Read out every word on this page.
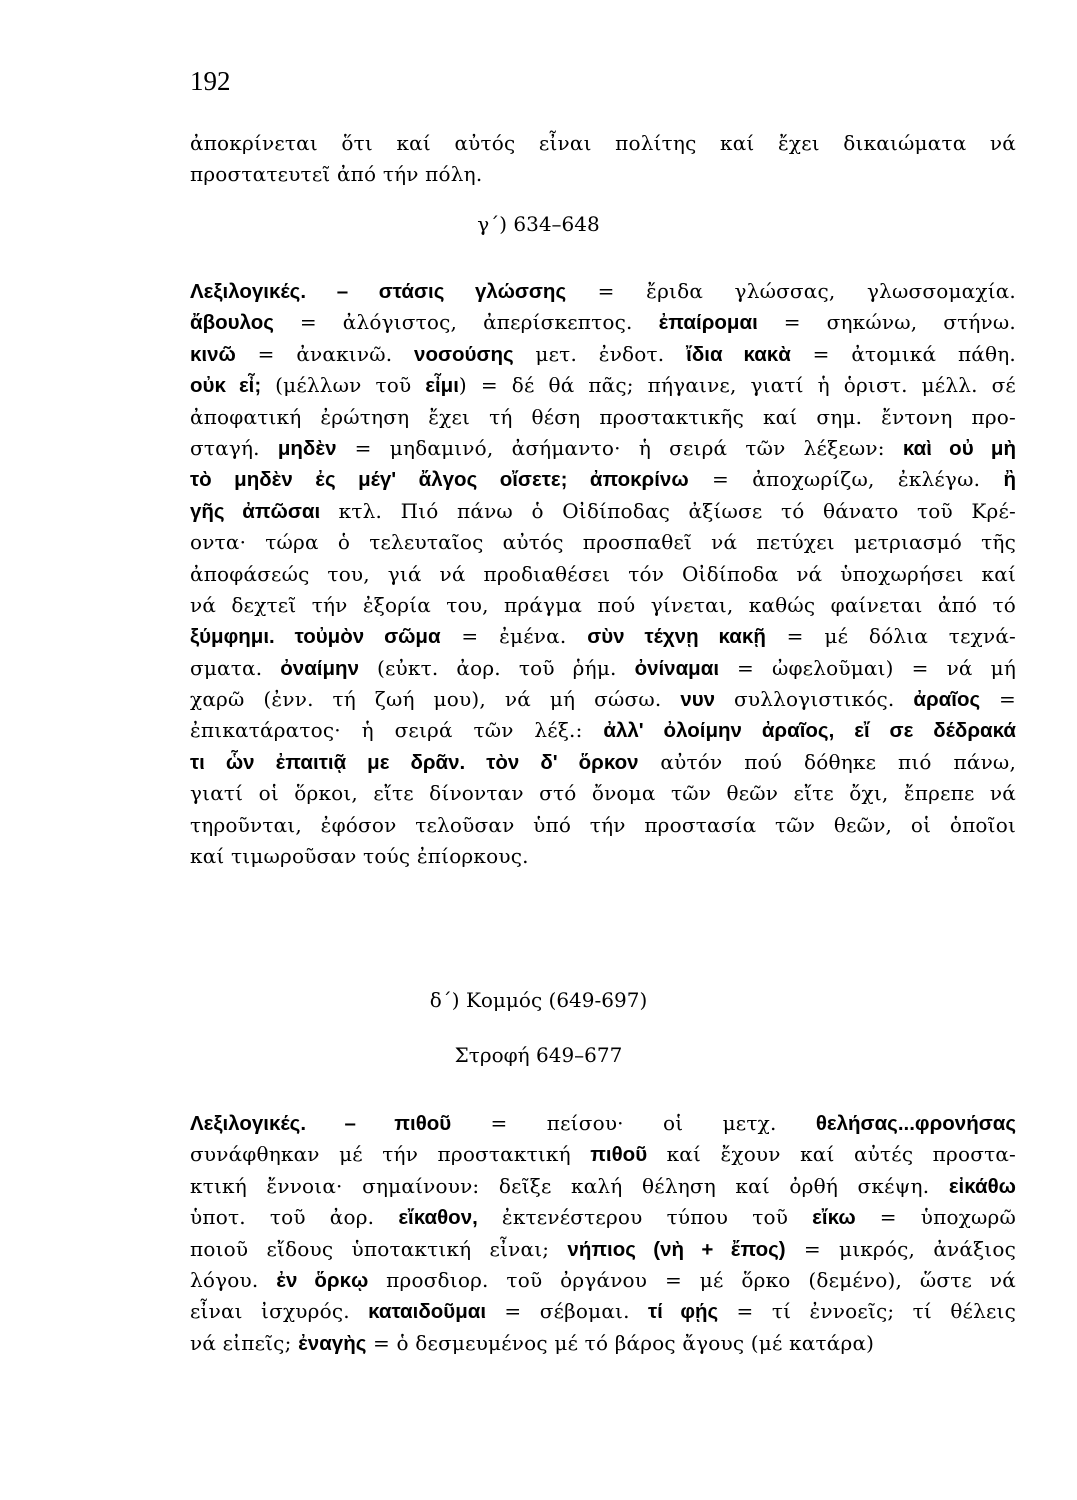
192
ἀποκρίνεται ὅτι καί αὐτός εἶναι πολίτης καί ἔχει δικαιώματα νά
προστατευτεῖ ἀπό τήν πόλη.
γ΄) 634–648
Λεξιλογικές. – στάσις γλώσσης = ἔριδα γλώσσας, γλωσσομαχία.
ἄβουλος = ἀλόγιστος, ἀπερίσκεπτος. ἐπαίρομαι = σηκώνω, στήνω.
κινῶ = ἀνακινῶ. νοσούσης μετ. ἐνδοτ. ἴδια κακὰ = ἀτομικά πάθη.
οὐκ εἶ; (μέλλων τοῦ εἶμι) = δέ θά πᾶς; πήγαινε, γιατί ἡ ὁριστ. μέλλ. σέ
ἀποφατική ἐρώτηση ἔχει τή θέση προστακτικῆς καί σημ. ἔντονη προ-
σταγή. μηδὲν = μηδαμινό, ἀσήμαντο· ἡ σειρά τῶν λέξεων: καὶ οὐ μὴ
τὸ μηδὲν ἐς μέγ' ἄλγος οἴσετε; ἀποκρίνω = ἀποχωρίζω, ἐκλέγω. ἢ
γῆς ἀπῶσαι κτλ. Πιό πάνω ὁ Οἰδίποδας ἀξίωσε τό θάνατο τοῦ Κρέ-
οντα· τώρα ὁ τελευταῖος αὐτός προσπαθεῖ νά πετύχει μετριασμό τῆς
ἀποφάσεώς του, γιά νά προδιαθέσει τόν Οἰδίποδα νά ὑποχωρήσει καί
νά δεχτεῖ τήν ἐξορία του, πράγμα πού γίνεται, καθώς φαίνεται ἀπό τό
ξύμφημι. τοὐμὸν σῶμα = ἐμένα. σὺν τέχνῃ κακῇ = μέ δόλια τεχνά-
σματα. ὀναίμην (εὐκτ. ἀορ. τοῦ ῥήμ. ὀνίναμαι = ὠφελοῦμαι) = νά μή
χαρῶ (ἐνν. τή ζωή μου), νά μή σώσω. νυν συλλογιστικός. ἀραῖος =
ἐπικατάρατος· ἡ σειρά τῶν λέξ.: ἀλλ' ὀλοίμην ἀραῖος, εἴ σε δέδρακά
τι ὧν ἐπαιτιᾷ με δρᾶν. τὸν δ' ὅρκον αὐτόν πού δόθηκε πιό πάνω,
γιατί οἱ ὅρκοι, εἴτε δίνονταν στό ὄνομα τῶν θεῶν εἴτε ὄχι, ἔπρεπε νά
τηροῦνται, ἐφόσον τελοῦσαν ὑπό τήν προστασία τῶν θεῶν, οἱ ὁποῖοι
καί τιμωροῦσαν τούς ἐπίορκους.
δ΄) Κομμός (649-697)
Στροφή 649–677
Λεξιλογικές. – πιθοῦ = πείσου· οἱ μετχ. θελήσας...φρονήσας
συνάφθηκαν μέ τήν προστακτική πιθοῦ καί ἔχουν καί αὐτές προστα-
κτική ἔννοια· σημαίνουν: δεῖξε καλή θέληση καί ὀρθή σκέψη. εἰκάθω
ὑποτ. τοῦ ἀορ. εἴκαθον, ἐκτενέστερου τύπου τοῦ εἴκω = ὑποχωρῶ
ποιοῦ εἴδους ὑποτακτική εἶναι; νήπιος (νὴ + ἔπος) = μικρός, ἀνάξιος
λόγου. ἐν ὅρκῳ προσδιορ. τοῦ ὀργάνου = μέ ὅρκο (δεμένο), ὥστε νά
εἶναι ἰσχυρός. καταιδοῦμαι = σέβομαι. τί φῄς = τί ἐννοεῖς; τί θέλεις
νά εἰπεῖς; ἐναγὴς = ὁ δεσμευμένος μέ τό βάρος ἄγους (μέ κατάρα)
